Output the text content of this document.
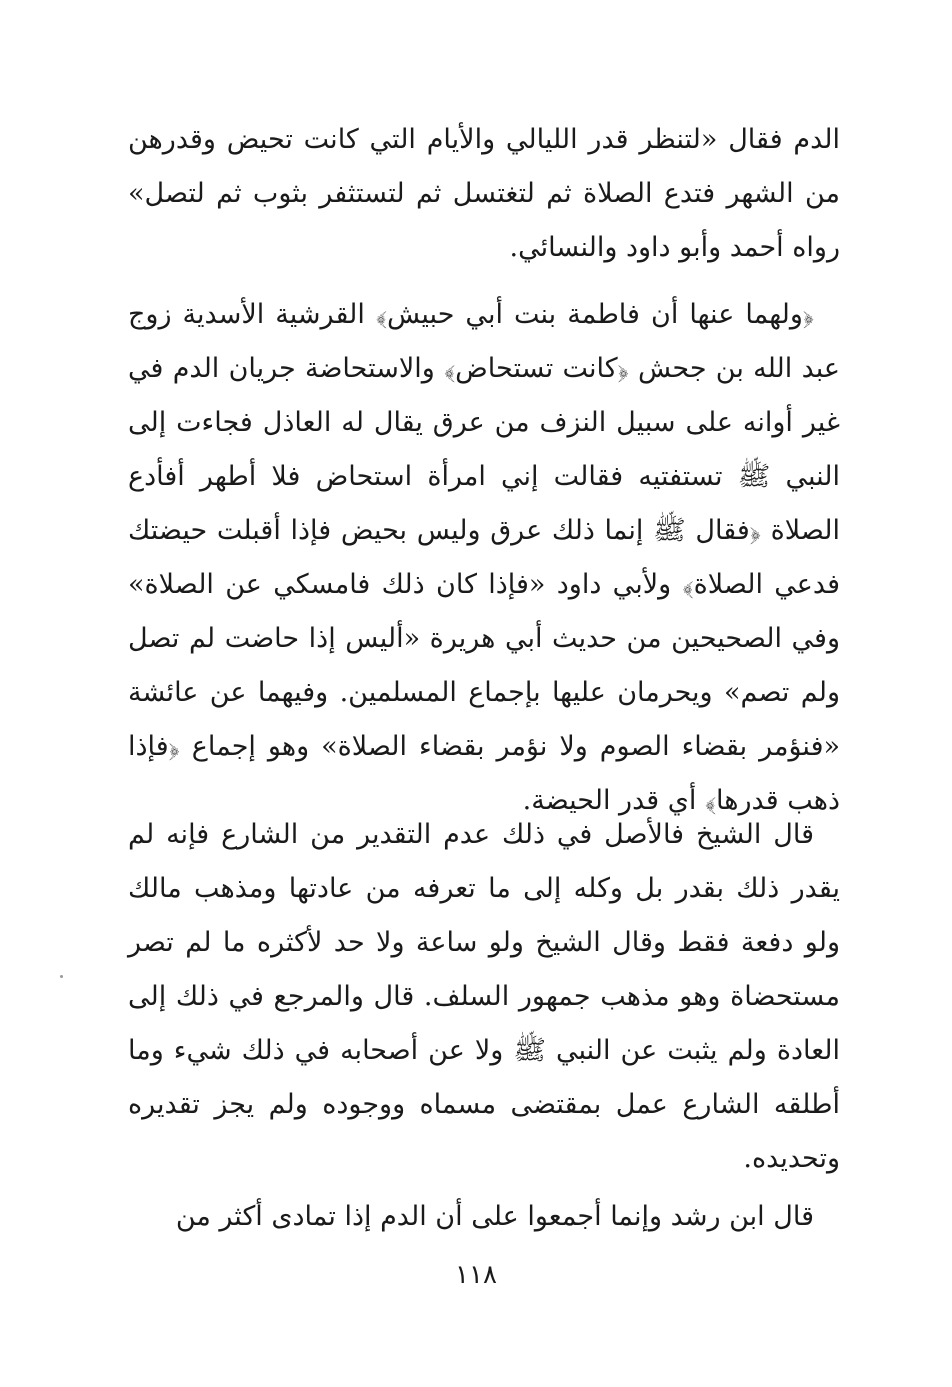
الدم فقال «لتنظر قدر الليالي والأيام التي كانت تحيض وقدرهن من الشهر فتدع الصلاة ثم لتغتسل ثم لتستثفر بثوب ثم لتصل» رواه أحمد وأبو داود والنسائي.

﴿ولهما عنها أن فاطمة بنت أبي حبيش﴾ القرشية الأسدية زوج عبد الله بن جحش ﴿كانت تستحاض﴾ والاستحاضة جريان الدم في غير أوانه على سبيل النزف من عرق يقال له العاذل فجاءت إلى النبي ﷺ تستفتيه فقالت إني امرأة استحاض فلا أطهر أفأدع الصلاة ﴿فقال ﷺ إنما ذلك عرق وليس بحيض فإذا أقبلت حيضتك فدعي الصلاة﴾ ولأبي داود «فإذا كان ذلك فامسكي عن الصلاة» وفي الصحيحين من حديث أبي هريرة «أليس إذا حاضت لم تصل ولم تصم» ويحرمان عليها بإجماع المسلمين. وفيهما عن عائشة «فنؤمر بقضاء الصوم ولا نؤمر بقضاء الصلاة» وهو إجماع ﴿فإذا ذهب قدرها﴾ أي قدر الحيضة.

قال الشيخ فالأصل في ذلك عدم التقدير من الشارع فإنه لم يقدر ذلك بقدر بل وكله إلى ما تعرفه من عادتها ومذهب مالك ولو دفعة فقط وقال الشيخ ولو ساعة ولا حد لأكثره ما لم تصر مستحضاة وهو مذهب جمهور السلف. قال والمرجع في ذلك إلى العادة ولم يثبت عن النبي ﷺ ولا عن أصحابه في ذلك شيء وما أطلقه الشارع عمل بمقتضى مسماه ووجوده ولم يجز تقديره وتحديده.

قال ابن رشد وإنما أجمعوا على أن الدم إذا تمادى أكثر من

١١٨
